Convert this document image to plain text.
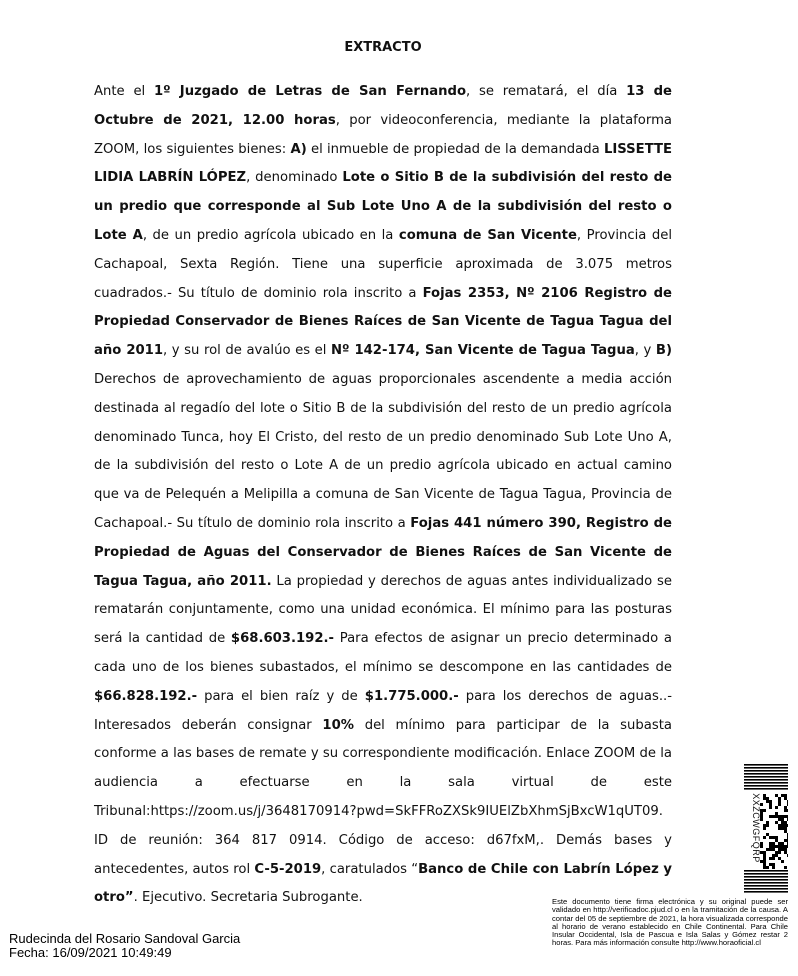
EXTRACTO
Ante el 1º Juzgado de Letras de San Fernando, se rematará, el día 13 de Octubre de 2021, 12.00 horas, por videoconferencia, mediante la plataforma ZOOM, los siguientes bienes: A) el inmueble de propiedad de la demandada LISSETTE LIDIA LABRÍN LÓPEZ, denominado Lote o Sitio B de la subdivisión del resto de un predio que corresponde al Sub Lote Uno A de la subdivisión del resto o Lote A, de un predio agrícola ubicado en la comuna de San Vicente, Provincia del Cachapoal, Sexta Región. Tiene una superficie aproximada de 3.075 metros cuadrados.- Su título de dominio rola inscrito a Fojas 2353, Nº 2106 Registro de Propiedad Conservador de Bienes Raíces de San Vicente de Tagua Tagua del año 2011, y su rol de avalúo es el Nº 142-174, San Vicente de Tagua Tagua, y B) Derechos de aprovechamiento de aguas proporcionales ascendente a media acción destinada al regadío del lote o Sitio B de la subdivisión del resto de un predio agrícola denominado Tunca, hoy El Cristo, del resto de un predio denominado Sub Lote Uno A, de la subdivisión del resto o Lote A de un predio agrícola ubicado en actual camino que va de Pelequén a Melipilla a comuna de San Vicente de Tagua Tagua, Provincia de Cachapoal.- Su título de dominio rola inscrito a Fojas 441 número 390, Registro de Propiedad de Aguas del Conservador de Bienes Raíces de San Vicente de Tagua Tagua, año 2011. La propiedad y derechos de aguas antes individualizado se rematarán conjuntamente, como una unidad económica. El mínimo para las posturas será la cantidad de $68.603.192.- Para efectos de asignar un precio determinado a cada uno de los bienes subastados, el mínimo se descompone en las cantidades de $66.828.192.- para el bien raíz y de $1.775.000.- para los derechos de aguas..- Interesados deberán consignar 10% del mínimo para participar de la subasta conforme a las bases de remate y su correspondiente modificación. Enlace ZOOM de la audiencia a efectuarse en la sala virtual de este Tribunal:https://zoom.us/j/3648170914?pwd=SkFFRoZXSk9IUElZbXhmSjBxcW1qUT09. ID de reunión: 364 817 0914. Código de acceso: d67fxM,. Demás bases y antecedentes, autos rol C-5-2019, caratulados “Banco de Chile con Labrín López y otro”. Ejecutivo. Secretaria Subrogante.
Rudecinda del Rosario Sandoval Garcia
Fecha: 16/09/2021 10:49:49
Este documento tiene firma electrónica y su original puede ser validado en http://verificadoc.pjud.cl o en la tramitación de la causa. A contar del 05 de septiembre de 2021, la hora visualizada corresponde al horario de verano establecido en Chile Continental. Para Chile Insular Occidental, Isla de Pascua e Isla Salas y Gómez restar 2 horas. Para más información consulte http://www.horaoficial.cl
XXZCWGFQRP
